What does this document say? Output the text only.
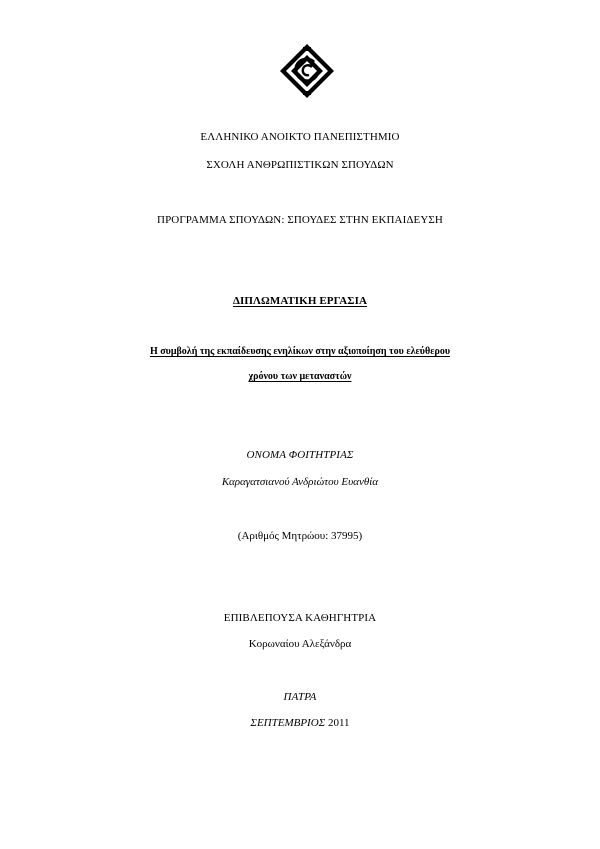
ΕΛΛΗΝΙΚΟ ΑΝΟΙΚΤΟ ΠΑΝΕΠΙΣΤΗΜΙΟ
ΣΧΟΛΗ ΑΝΘΡΩΠΙΣΤΙΚΩΝ ΣΠΟΥΔΩΝ
ΠΡΟΓΡΑΜΜΑ ΣΠΟΥΔΩΝ: ΣΠΟΥΔΕΣ ΣΤΗΝ ΕΚΠΑΙΔΕΥΣΗ
ΔΙΠΛΩΜΑΤΙΚΗ ΕΡΓΑΣΙΑ
Η συμβολή της εκπαίδευσης ενηλίκων στην αξιοποίηση του ελεύθερου
χρόνου των μεταναστών
ΟΝΟΜΑ ΦΟΙΤΗΤΡΙΑΣ
Καραγατσιανού Ανδριώτου Ευανθία
(Αριθμός Μητρώου: 37995)
ΕΠΙΒΛΕΠΟΥΣΑ ΚΑΘΗΓΗΤΡΙΑ
Κορωναίου Αλεξάνδρα
ΠΑΤΡΑ
ΣΕΠΤΕΜΒΡΙΟΣ 2011
